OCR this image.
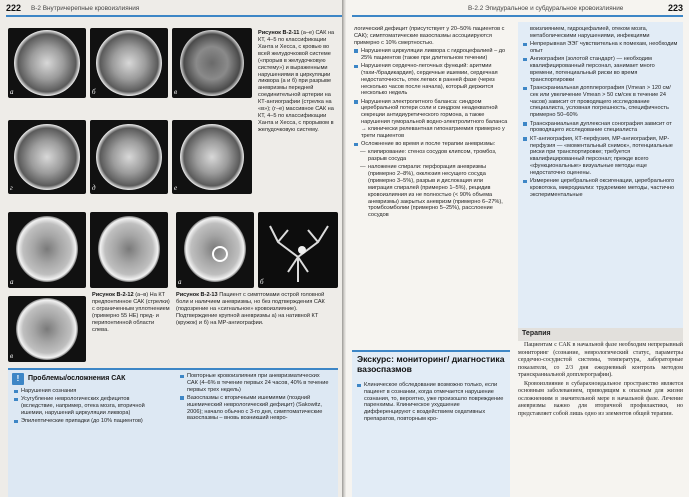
222 В-2 Внутричерепные кровоизлияния
а	б	в
г	д	е
Рисунок В-2-11 (а–е) САК на КТ, 4–5 по классификации Ханта и Хесса, с кровью во всей желудочковой системе («прорыв в желудочковую систему») и выраженными нарушениями в циркуляции ликвора (а и б) при разрыве аневризмы передней соединительной артерии на КТ-ангиографии (стрелка на «в»); (г–е) массивное САК на КТ, 4–5 по классификации Ханта и Хесса, с прорывом в желудочковую систему.
а
в
Рисунок В-2-12 (а–в) На КТ предпонтинное САК (стрелки) с ограниченным уплотнением (примерно 55 HE) пред- и перипонтинной области слева.
а	б
Рисунок В-2-13 Пациент с симптомами острой головной боли и наличием аневризмы, но без подтверждения САК (подозрение на «сигнальное» кровоизлияние). Подтверждение крупной аневризмы а) на нативной КТ (кружок) и б) на МР-ангиографии.
!	Проблемы/осложнения САК
Нарушения сознания
Усугубление неврологических дефицитов (вследствие, например, отека мозга, вторичной ишемии, нарушений циркуляции ликвора)
Эпилептические припадки (до 10% пациентов)
Повторные кровоизлияния при аневризматических САК (4–6% в течение первых 24 часов, 40% в течение первых трех недель)
Вазоспазмы с вторичными ишемиями (поздний ишемический неврологический дефицит) (Sakowitz, 2006); начало обычно с 3-го дня, симптоматические вазоспазмы – вновь возникший невро-
В-2.2 Эпидуральное и субдуральное кровоизлияние	223

логический дефицит (присутствует у 20–50% пациентов с САК); симптоматические вазоспазмы ассоциируются примерно с 10% смертностью.

Нарушения циркуляции ликвора с гидроцефалией – до 25% пациентов (также при длительном течении)
Нарушения сердечно-легочных функций: аритмии (тахи-/брадикардия), сердечные ишемии, сердечная недостаточность, отек легких в ранней фазе (через несколько часов после начала), который держится несколько недель
Нарушения электролитного баланса: синдром церебральной потери соли и синдром неадекватной секреции антидиуретического гормона, а также нарушения гуморальной водно-электролитного баланса → клинически релевантная гипонатриемия примерно у трети пациентов
Осложнение во время и после терапии аневризмы:
— клипирование: стеноз сосудов клипсом, тромбоз, разрыв сосуда
— наложение спирали: перфорация аневризмы (примерно 2–8%), окклюзия несущего сосуда (примерно 3–5%), разрыв и дислокация или миграция спиралей (примерно 1–5%), рецидив кровоизлияния из не полностью (< 90% объема аневризмы) закрытых аневризм (примерно 6–27%), тромбоэмболии (примерно 5–25%), расслоение сосудов
Экскурс: мониторинг/ диагностика вазоспазмов
Клиническое обследование возможно только, если пациент в сознании, когда отмечается нарушение сознания, то, вероятно, уже произошло повреждение паренхимы. Клиническое ухудшение дифференцируют с воздействием седативных препаратов, повторным кро-

воизлиянием, гидроцефалией, отеком мозга, метаболическими нарушениями, инфекциями

Непрерывная ЭЭГ чувствительна к помехам, необходим опыт
Ангиография (золотой стандарт) — необходим квалифицированный персонал, занимает много времени, потенциальный риски во время транспортировки
Транскраниальная допплерография (Vmean > 120 см/сек или увеличение Vmean > 50 см/сек в течение 24 часов) зависит от проводящего исследование специалиста, условная погрешность, специфичность примерно 50–60%
Транскраниальная дуплексная сонография зависит от проводящего исследование специалиста
КТ-ангиография, КТ-перфузия, МР-ангиография, МР-перфузия — «моментальный снимок», потенциальные риски при транспортировке; требуется квалифицированный персонал; прежде всего «функциональные» визуальные методы еще недостаточно оценены.
Измерение церебральной оксигенации, церебрального кровотока, микродиализ: трудоемкие методы, частично экспериментальные
Терапия

Пациентам с САК в начальной фазе необходим непрерывный мониторинг (сознание, неврологический статус, параметры сердечно-сосудистой системы, температура, лабораторные показатели, со 2/3 дня ежедневный контроль методом транскраниальной допплерографии).

Кровоизлияние в субарахноидальное пространство является основным заболеванием, приводящим к опасным для жизни осложнениям в значительной мере в начальной фазе. Лечение аневризмы важно для вторичной профилактики, но представляет собой лишь одно из элементов общей терапии.
